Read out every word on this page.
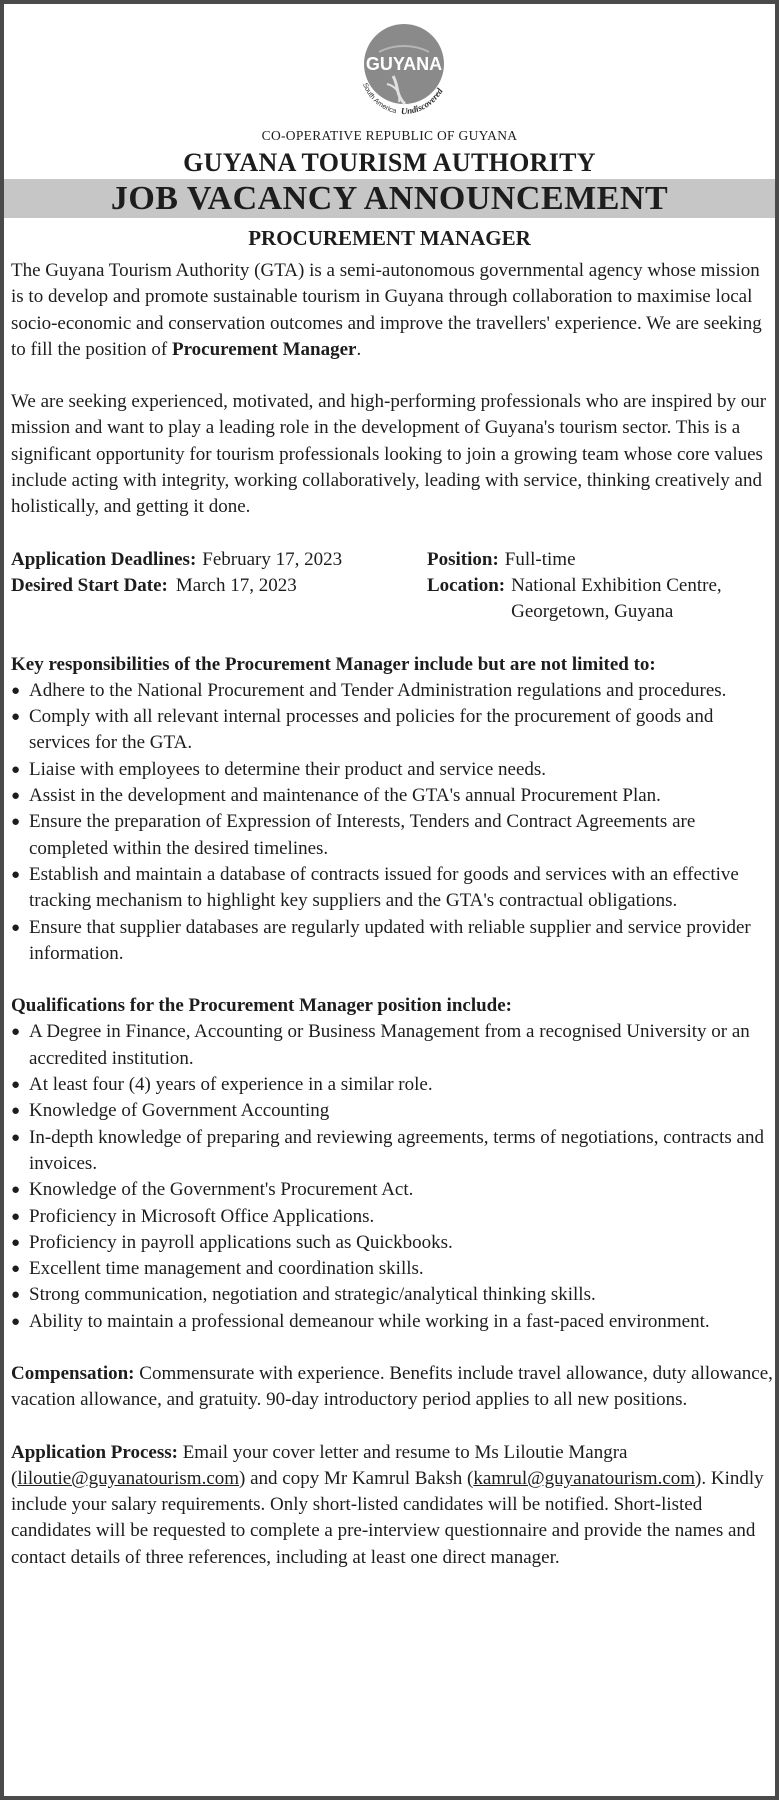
GUYANA
South America Undiscovered
CO-OPERATIVE REPUBLIC OF GUYANA
GUYANA TOURISM AUTHORITY
JOB VACANCY ANNOUNCEMENT
PROCUREMENT MANAGER

The Guyana Tourism Authority (GTA) is a semi-autonomous governmental agency whose mission is to develop and promote sustainable tourism in Guyana through collaboration to maximise local socio-economic and conservation outcomes and improve the travellers' experience. We are seeking to fill the position of Procurement Manager.

We are seeking experienced, motivated, and high-performing professionals who are inspired by our mission and want to play a leading role in the development of Guyana's tourism sector. This is a significant opportunity for tourism professionals looking to join a growing team whose core values include acting with integrity, working collaboratively, leading with service, thinking creatively and holistically, and getting it done.

Application Deadlines: February 17, 2023
Desired Start Date: March 17, 2023
Position: Full-time
Location: National Exhibition Centre,
Georgetown, Guyana
Key responsibilities of the Procurement Manager include but are not limited to:
● Adhere to the National Procurement and Tender Administration regulations and procedures.
● Comply with all relevant internal processes and policies for the procurement of goods and services for the GTA.
● Liaise with employees to determine their product and service needs.
● Assist in the development and maintenance of the GTA's annual Procurement Plan.
● Ensure the preparation of Expression of Interests, Tenders and Contract Agreements are completed within the desired timelines.
● Establish and maintain a database of contracts issued for goods and services with an effective tracking mechanism to highlight key suppliers and the GTA's contractual obligations.
● Ensure that supplier databases are regularly updated with reliable supplier and service provider information.
Qualifications for the Procurement Manager position include:
● A Degree in Finance, Accounting or Business Management from a recognised University or an accredited institution.
● At least four (4) years of experience in a similar role.
● Knowledge of Government Accounting
● In-depth knowledge of preparing and reviewing agreements, terms of negotiations, contracts and invoices.
● Knowledge of the Government's Procurement Act.
● Proficiency in Microsoft Office Applications.
● Proficiency in payroll applications such as Quickbooks.
● Excellent time management and coordination skills.
● Strong communication, negotiation and strategic/analytical thinking skills.
● Ability to maintain a professional demeanour while working in a fast-paced environment.

Compensation: Commensurate with experience. Benefits include travel allowance, duty allowance, vacation allowance, and gratuity. 90-day introductory period applies to all new positions.

Application Process: Email your cover letter and resume to Ms Liloutie Mangra (liloutie@guyanatourism.com) and copy Mr Kamrul Baksh (kamrul@guyanatourism.com). Kindly include your salary requirements. Only short-listed candidates will be notified. Short-listed candidates will be requested to complete a pre-interview questionnaire and provide the names and contact details of three references, including at least one direct manager.
